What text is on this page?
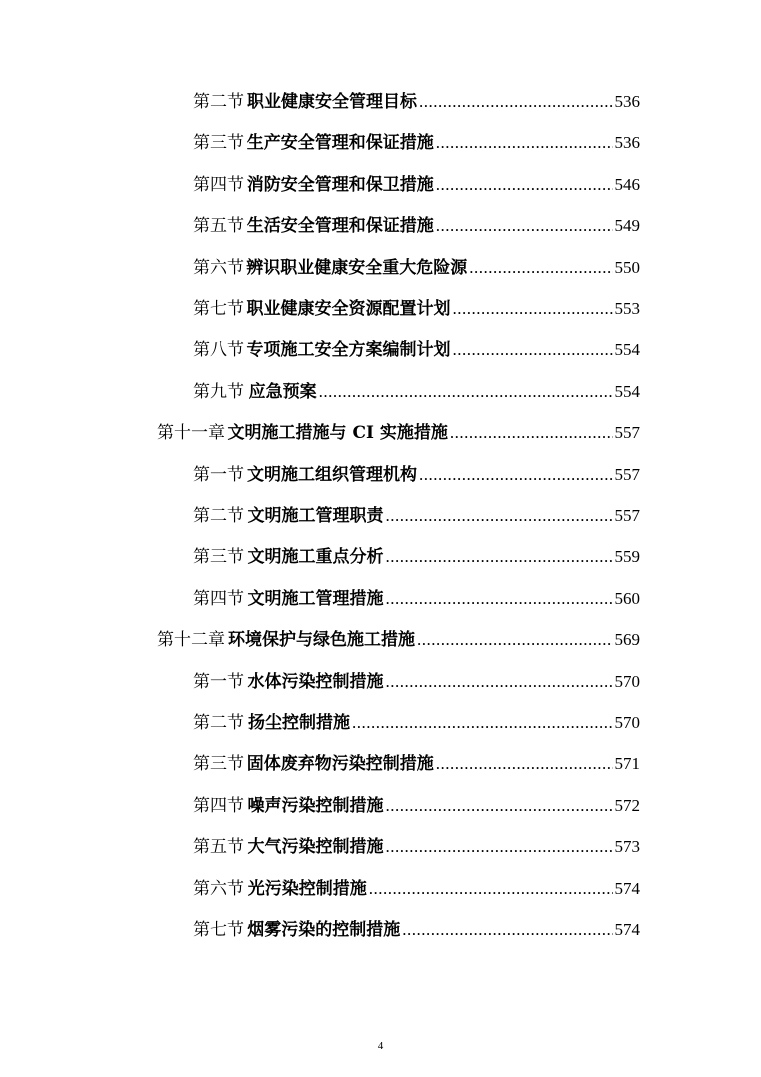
第二节 职业健康安全管理目标 .....	536
第三节 生产安全管理和保证措施 .....	536
第四节 消防安全管理和保卫措施 .....	546
第五节 生活安全管理和保证措施 .....	549
第六节 辨识职业健康安全重大危险源 .....	550
第七节 职业健康安全资源配置计划 .....	553
第八节 专项施工安全方案编制计划 .....	554
第九节 应急预案 .....	554
第十一章 文明施工措施与 CI 实施措施 .....	557
第一节 文明施工组织管理机构 .....	557
第二节 文明施工管理职责 .....	557
第三节 文明施工重点分析 .....	559
第四节 文明施工管理措施 .....	560
第十二章 环境保护与绿色施工措施 .....	569
第一节 水体污染控制措施 .....	570
第二节 扬尘控制措施 .....	570
第三节 固体废弃物污染控制措施 .....	571
第四节 噪声污染控制措施 .....	572
第五节 大气污染控制措施 .....	573
第六节 光污染控制措施 .....	574
第七节 烟雾污染的控制措施 .....	574
4
